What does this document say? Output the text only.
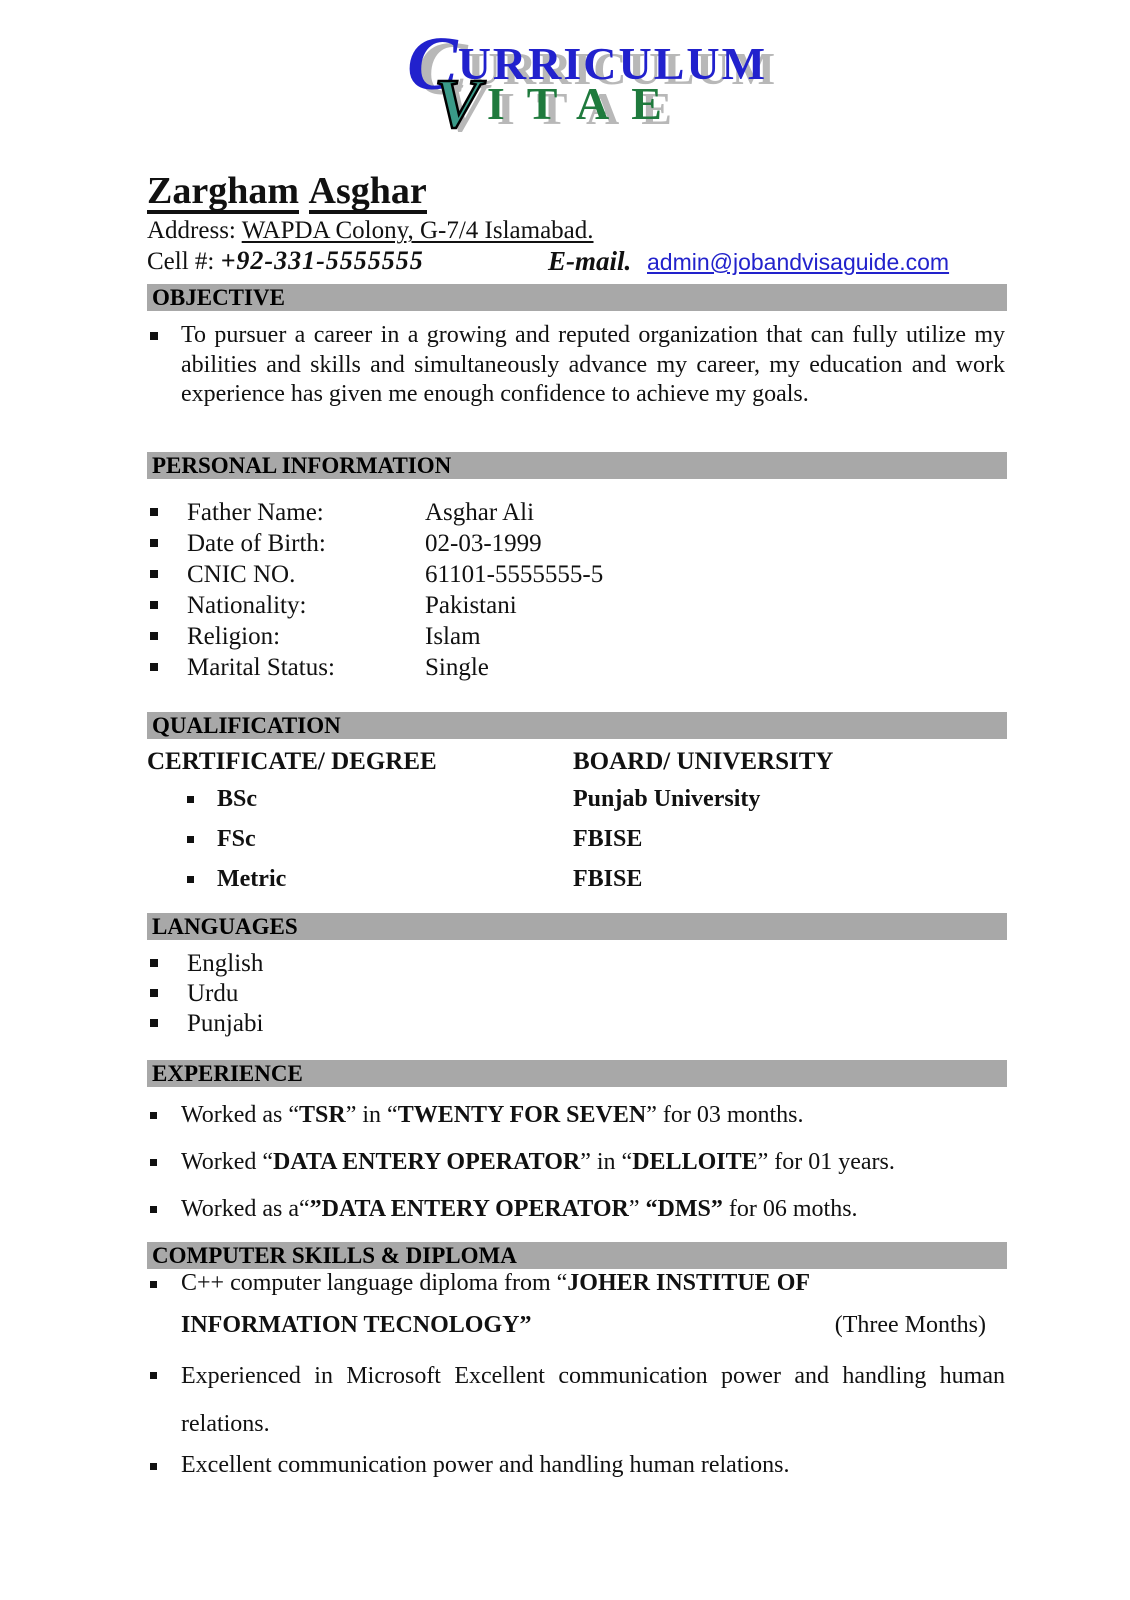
CURRICULUM
VITAE
Zargham Asghar
Address: WAPDA Colony, G-7/4 Islamabad.
Cell #: +92-331-5555555	E-mail. admin@jobandvisaguide.com
OBJECTIVE
To pursuer a career in a growing and reputed organization that can fully utilize my abilities and skills and simultaneously advance my career, my education and work experience has given me enough confidence to achieve my goals.
PERSONAL INFORMATION
Father Name:	Asghar Ali
Date of Birth:	02-03-1999
CNIC NO.	61101-5555555-5
Nationality:	Pakistani
Religion:	Islam
Marital Status:	Single
QUALIFICATION
CERTIFICATE/ DEGREE	BOARD/ UNIVERSITY
BSc	Punjab University
FSc	FBISE
Metric	FBISE
LANGUAGES
English
Urdu
Punjabi
EXPERIENCE
Worked as “TSR” in “TWENTY FOR SEVEN” for 03 months.
Worked “DATA ENTERY OPERATOR” in “DELLOITE” for 01 years.
Worked as a“”DATA ENTERY OPERATOR” “DMS” for 06 moths.
COMPUTER SKILLS & DIPLOMA
C++ computer language diploma from “JOHER INSTITUE OF
INFORMATION TECNOLOGY”	(Three Months)
Experienced in Microsoft Excellent communication power and handling human relations.
Excellent communication power and handling human relations.
